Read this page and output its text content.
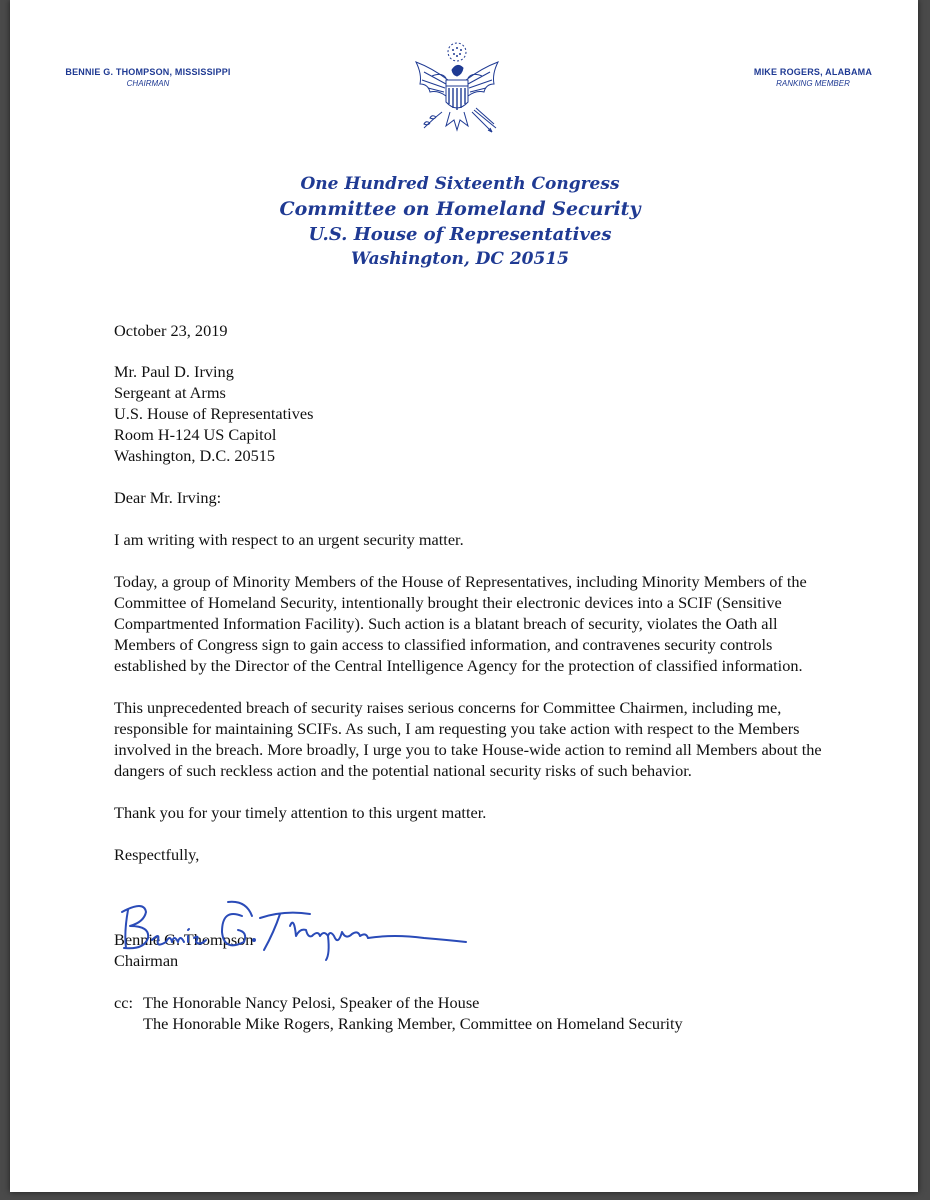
BENNIE G. THOMPSON, MISSISSIPPI
CHAIRMAN
MIKE ROGERS, ALABAMA
RANKING MEMBER
One Hundred Sixteenth Congress
Committee on Homeland Security
U.S. House of Representatives
Washington, DC 20515

October 23, 2019

Mr. Paul D. Irving
Sergeant at Arms
U.S. House of Representatives
Room H-124 US Capitol
Washington, D.C. 20515

Dear Mr. Irving:

I am writing with respect to an urgent security matter.

Today, a group of Minority Members of the House of Representatives, including Minority Members of the Committee of Homeland Security, intentionally brought their electronic devices into a SCIF (Sensitive Compartmented Information Facility). Such action is a blatant breach of security, violates the Oath all Members of Congress sign to gain access to classified information, and contravenes security controls established by the Director of the Central Intelligence Agency for the protection of classified information.

This unprecedented breach of security raises serious concerns for Committee Chairmen, including me, responsible for maintaining SCIFs. As such, I am requesting you take action with respect to the Members involved in the breach. More broadly, I urge you to take House-wide action to remind all Members about the dangers of such reckless action and the potential national security risks of such behavior.

Thank you for your timely attention to this urgent matter.

Respectfully,

Bennie G. Thompson
Chairman
cc: The Honorable Nancy Pelosi, Speaker of the House
The Honorable Mike Rogers, Ranking Member, Committee on Homeland Security
